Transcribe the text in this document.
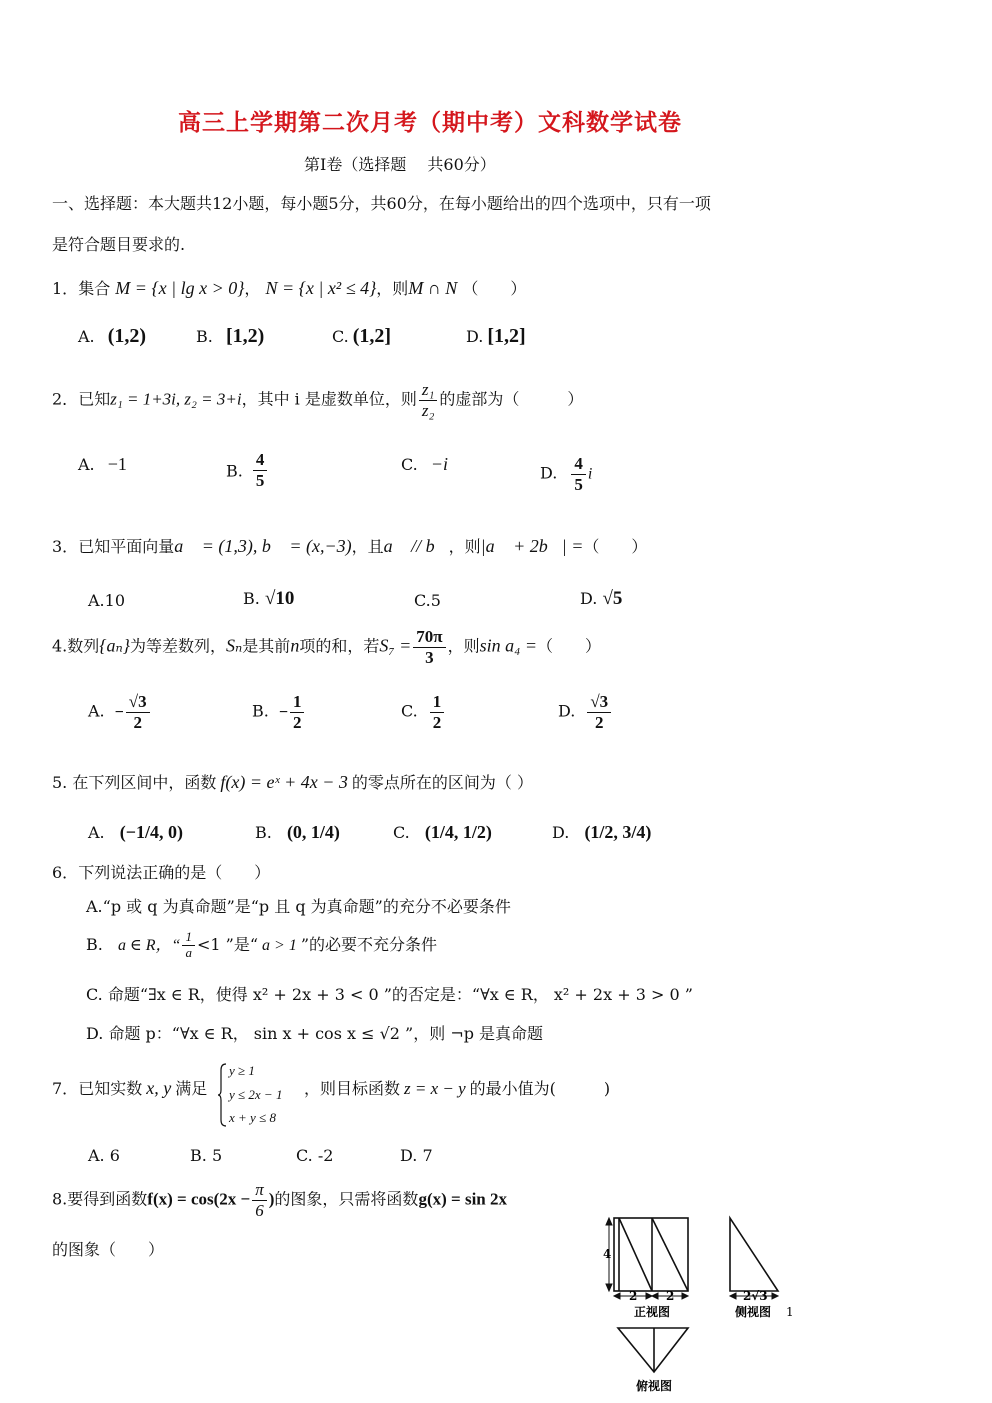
高三上学期第二次月考（期中考）文科数学试卷
第Ⅰ卷（选择题　 共60分）
一、选择题：本大题共12小题，每小题5分，共60分，在每小题给出的四个选项中，只有一项
是符合题目要求的.
1．集合 M = {x | lg x > 0}， N = {x | x² ≤ 4}，则M ∩ N （　　）
A. (1,2)	B. [1,2)	C. (1,2]	D. [1,2]
2．已知z₁ = 1+3i, z₂ = 3+i，其中 i 是虚数单位，则 $\frac{\text{z₁}}{\text{z₂}}$ 的虚部为（　　　）
A. −1	B. $\frac{4}{5}$	C. −i	D. $\frac{4}{5}$ i
3．已知平面向量a⃗ = (1,3), b⃗ = (x,−3)，且a⃗ // b⃗，则|a⃗ + 2b⃗| =（　　）
A.10	B. √10	C.5	D. √5
4.数列{aₙ}为等差数列，Sₙ是其前n项的和，若$S_7 = \frac{70\pi}{3}$ ，则sin a₄ =（　　）
A. − $\frac{√3}{2}$	B. − $\frac{1}{2}$	C. $\frac{1}{2}$	D. $\frac{√3}{2}$
5. 在下列区间中，函数 f(x) = eˣ + 4x − 3 的零点所在的区间为（ ）
A. (−1/4, 0)	B. (0, 1/4)	C. (1/4, 1/2)	D. (1/2, 3/4)
6．下列说法正确的是（　　）
A.“p 或 q 为真命题”是“p 且 q 为真命题”的充分不必要条件
B. a ∈ R，“ $\frac{1}{a} <1$ ”是“ a > 1 ”的必要不充分条件
C. 命题“∃x ∈ R，使得 x² + 2x + 3 < 0 ”的否定是：“∀x ∈ R， x² + 2x + 3 > 0 ”
D. 命题 p：“∀x ∈ R， sin x + cos x ≤ √2 ”，则 ¬p 是真命题
7．已知实数 x, y 满足
y ≥ 1
y ≤ 2x − 1
x + y ≤ 8
，则目标函数 z = x − y 的最小值为(　　　)
A. 6	B. 5	C. -2	D. 7
8.要得到函数$f(x) = \cos(2x - \frac{\pi}{6}$ )的图象，只需将函数g(x) = sin 2x
的图象（　　）	4
2 2
正视图
2√3
侧视图 1
俯视图
